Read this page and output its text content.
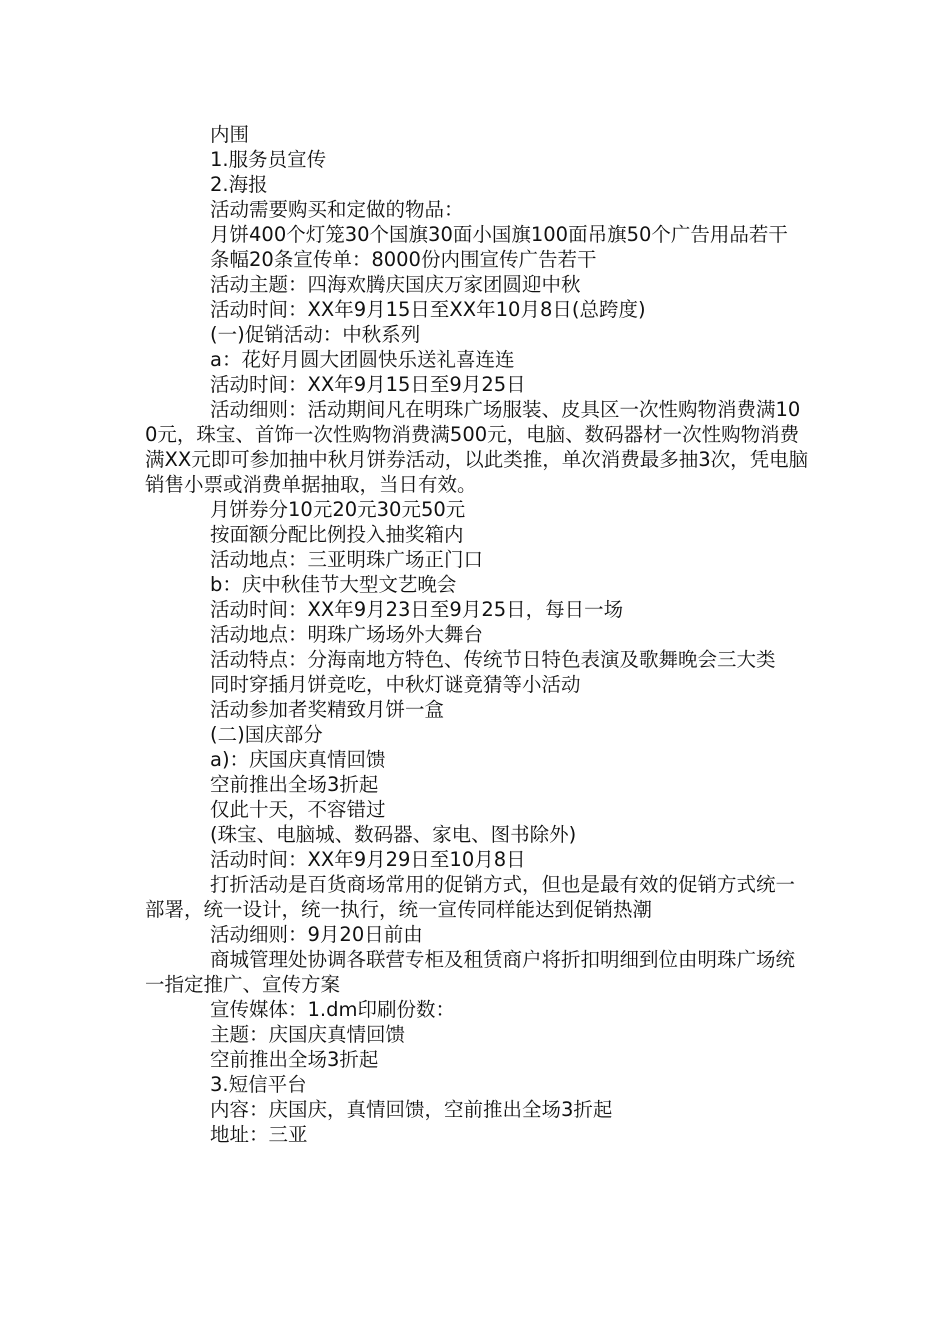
内围

1.服务员宣传

2.海报

活动需要购买和定做的物品：

月饼400个灯笼30个国旗30面小国旗100面吊旗50个广告用品若干

条幅20条宣传单：8000份内围宣传广告若干

活动主题：四海欢腾庆国庆万家团圆迎中秋

活动时间：XX年9月15日至XX年10月8日(总跨度)

(一)促销活动：中秋系列

a：花好月圆大团圆快乐送礼喜连连

活动时间：XX年9月15日至9月25日

活动细则：活动期间凡在明珠广场服装、皮具区一次性购物消费满100元，珠宝、首饰一次性购物消费满500元，电脑、数码器材一次性购物消费满XX元即可参加抽中秋月饼券活动，以此类推，单次消费最多抽3次，凭电脑销售小票或消费单据抽取，当日有效。

月饼券分10元20元30元50元

按面额分配比例投入抽奖箱内

活动地点：三亚明珠广场正门口

b：庆中秋佳节大型文艺晚会

活动时间：XX年9月23日至9月25日，每日一场

活动地点：明珠广场场外大舞台

活动特点：分海南地方特色、传统节日特色表演及歌舞晚会三大类

同时穿插月饼竞吃，中秋灯谜竟猜等小活动

活动参加者奖精致月饼一盒

(二)国庆部分

a)：庆国庆真情回馈

空前推出全场3折起

仅此十天，不容错过

(珠宝、电脑城、数码器、家电、图书除外)

活动时间：XX年9月29日至10月8日

打折活动是百货商场常用的促销方式，但也是最有效的促销方式统一部署，统一设计，统一执行，统一宣传同样能达到促销热潮

活动细则：9月20日前由

商城管理处协调各联营专柜及租赁商户将折扣明细到位由明珠广场统一指定推广、宣传方案

宣传媒体：1.dm印刷份数：

主题：庆国庆真情回馈

空前推出全场3折起

3.短信平台

内容：庆国庆，真情回馈，空前推出全场3折起

地址：三亚
